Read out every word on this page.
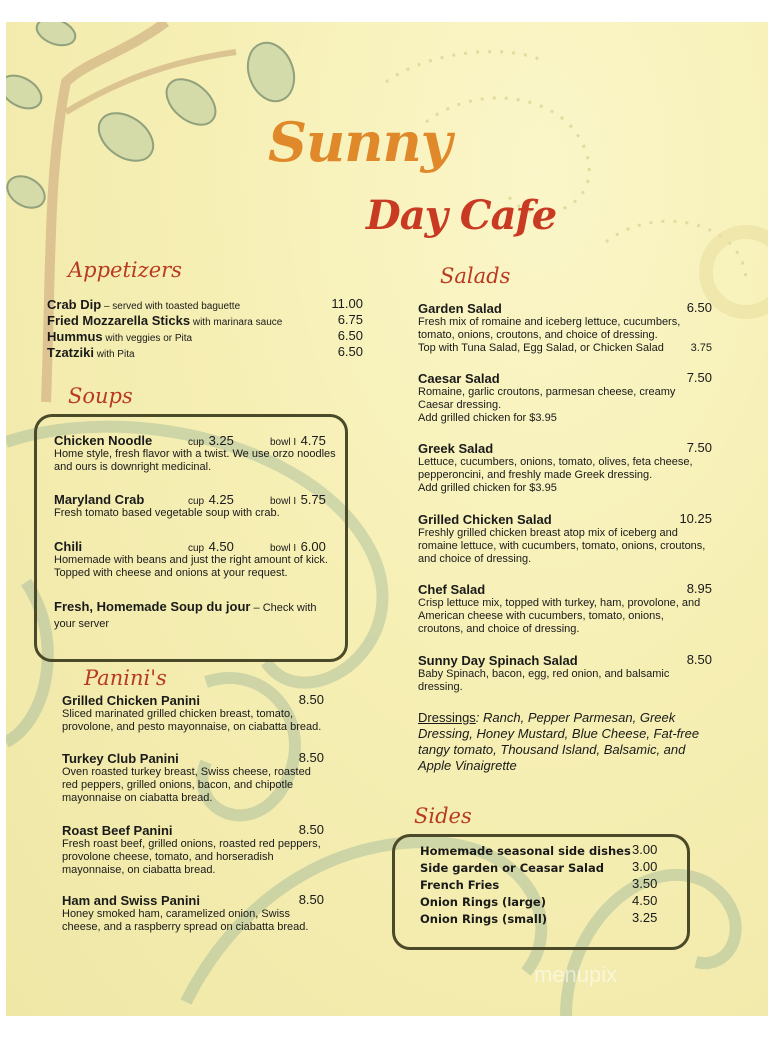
Sunny
Day Cafe
Appetizers
Crab Dip – served with toasted baguette	11.00
Fried Mozzarella Sticks with marinara sauce	6.75
Hummus with veggies or Pita	6.50
Tzatziki with Pita	6.50
Soups
Chicken Noodle	cup 3.25	bowl I 4.75
Home style, fresh flavor with a twist. We use orzo noodles and ours is downright medicinal.
Maryland Crab	cup 4.25	bowl I 5.75
Fresh tomato based vegetable soup with crab.
Chili	cup 4.50	bowl I 6.00
Homemade with beans and just the right amount of kick. Topped with cheese and onions at your request.
Fresh, Homemade Soup du jour – Check with your server
Panini's
Grilled Chicken Panini	8.50
Sliced marinated grilled chicken breast, tomato, provolone, and pesto mayonnaise, on ciabatta bread.
Turkey Club Panini	8.50
Oven roasted turkey breast, Swiss cheese, roasted red peppers, grilled onions, bacon, and chipotle mayonnaise on ciabatta bread.
Roast Beef Panini	8.50
Fresh roast beef, grilled onions, roasted red peppers, provolone cheese, tomato, and horseradish mayonnaise, on ciabatta bread.
Ham and Swiss Panini	8.50
Honey smoked ham, caramelized onion, Swiss cheese, and a raspberry spread on ciabatta bread.
Salads
Garden Salad	6.50
Fresh mix of romaine and iceberg lettuce, cucumbers, tomato, onions, croutons, and choice of dressing.
Top with Tuna Salad, Egg Salad, or Chicken Salad 3.75
Caesar Salad	7.50
Romaine, garlic croutons, parmesan cheese, creamy Caesar dressing.
Add grilled chicken for $3.95
Greek Salad	7.50
Lettuce, cucumbers, onions, tomato, olives, feta cheese, pepperoncini, and freshly made Greek dressing.
Add grilled chicken for $3.95
Grilled Chicken Salad	10.25
Freshly grilled chicken breast atop mix of iceberg and romaine lettuce, with cucumbers, tomato, onions, croutons, and choice of dressing.
Chef Salad	8.95
Crisp lettuce mix, topped with turkey, ham, provolone, and American cheese with cucumbers, tomato, onions, croutons, and choice of dressing.
Sunny Day Spinach Salad	8.50
Baby Spinach, bacon, egg, red onion, and balsamic dressing.
Dressings: Ranch, Pepper Parmesan, Greek Dressing, Honey Mustard, Blue Cheese, Fat-free tangy tomato, Thousand Island, Balsamic, and Apple Vinaigrette
Sides
Homemade seasonal side dishes 3.00
Side garden or Ceasar Salad 3.00
French Fries	3.50
Onion Rings (large)	4.50
Onion Rings (small)	3.25
menupix
